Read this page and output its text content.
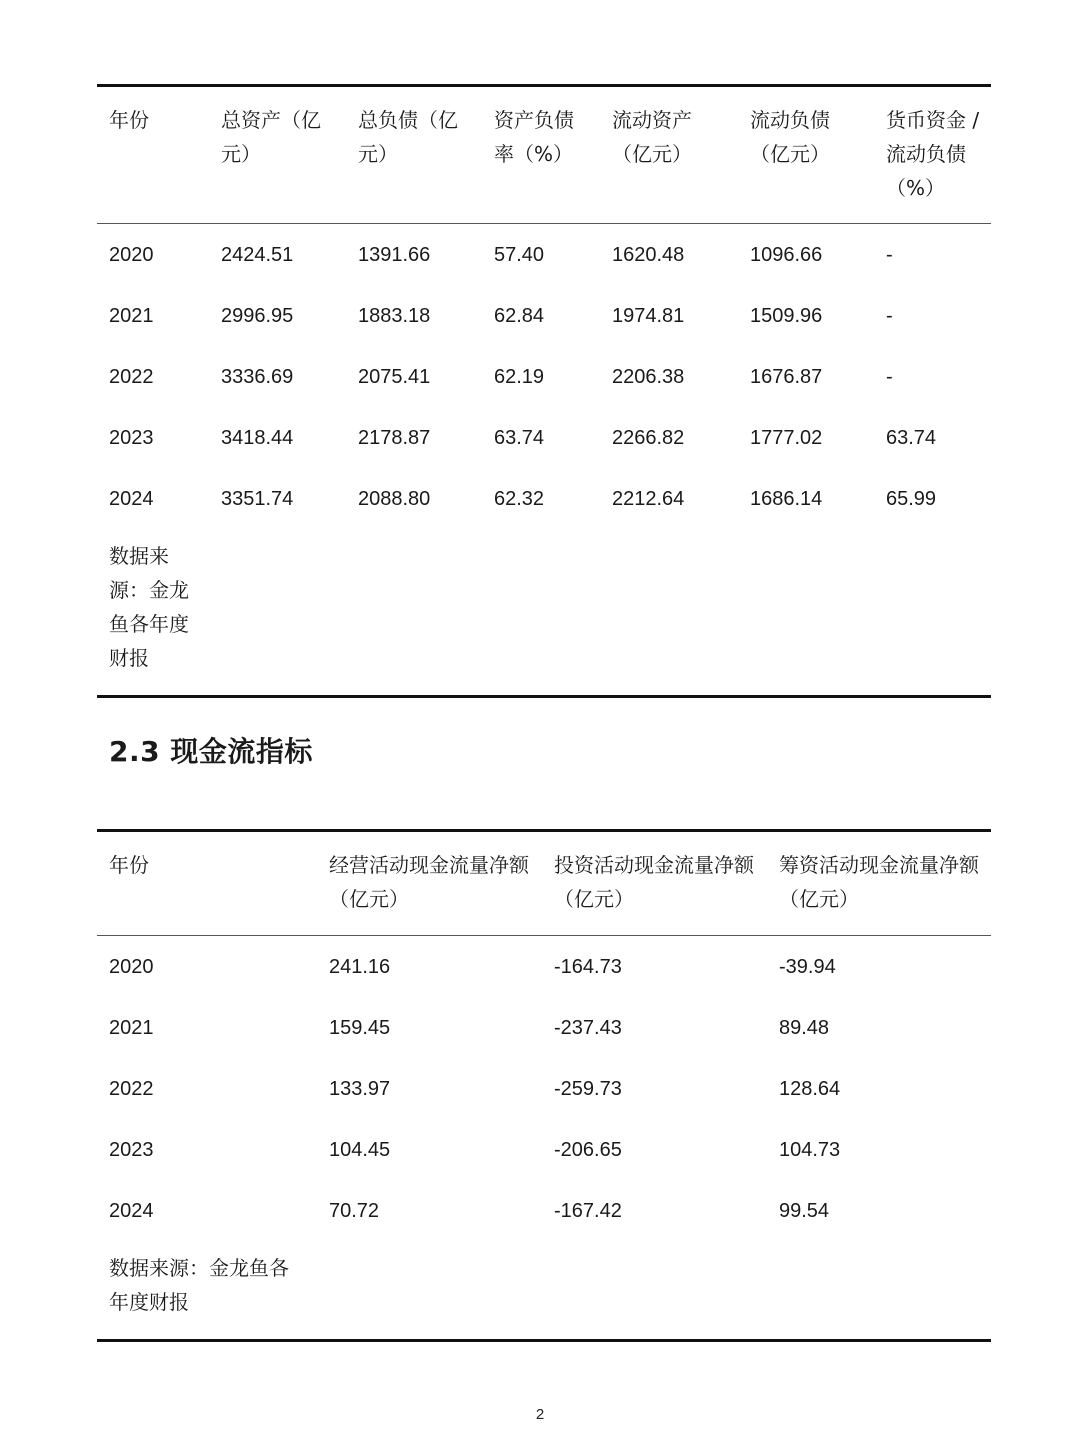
年份	总资产（亿元）	总负债（亿元）	资产负债率（%）	流动资产（亿元）	流动负债（亿元）	货币资金 / 流动负债（%）
2020	2424.51	1391.66	57.40	1620.48	1096.66	-
2021	2996.95	1883.18	62.84	1974.81	1509.96	-
2022	3336.69	2075.41	62.19	2206.38	1676.87	-
2023	3418.44	2178.87	63.74	2266.82	1777.02	63.74
2024	3351.74	2088.80	62.32	2212.64	1686.14	65.99
数据来源：金龙鱼各年度财报						
2.3 现金流指标
年份	经营活动现金流量净额（亿元）	投资活动现金流量净额（亿元）	筹资活动现金流量净额（亿元）
2020	241.16	-164.73	-39.94
2021	159.45	-237.43	89.48
2022	133.97	-259.73	128.64
2023	104.45	-206.65	104.73
2024	70.72	-167.42	99.54
数据来源：金龙鱼各年度财报			
2
